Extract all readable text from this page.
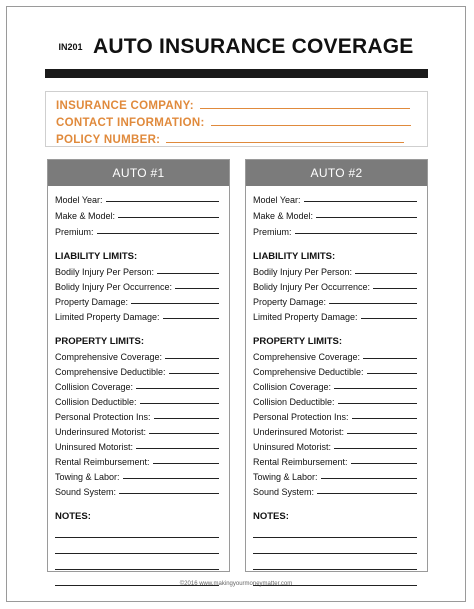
IN201 AUTO INSURANCE COVERAGE
INSURANCE COMPANY:
CONTACT INFORMATION:
POLICY NUMBER:
AUTO #1
Model Year:
Make & Model:
Premium:
LIABILITY LIMITS:
Bodily Injury Per Person:
Bolidy Injury Per Occurrence:
Property Damage:
Limited Property Damage:
PROPERTY LIMITS:
Comprehensive Coverage:
Comprehensive Deductible:
Collision Coverage:
Collision Deductible:
Personal Protection Ins:
Underinsured Motorist:
Uninsured Motorist:
Rental Reimbursement:
Towing & Labor:
Sound System:
NOTES:
AUTO #2
Model Year:
Make & Model:
Premium:
LIABILITY LIMITS:
Bodily Injury Per Person:
Bolidy Injury Per Occurrence:
Property Damage:
Limited Property Damage:
PROPERTY LIMITS:
Comprehensive Coverage:
Comprehensive Deductible:
Collision Coverage:
Collision Deductible:
Personal Protection Ins:
Underinsured Motorist:
Uninsured Motorist:
Rental Reimbursement:
Towing & Labor:
Sound System:
NOTES:
©2016 www.makingyourmoneymatter.com
